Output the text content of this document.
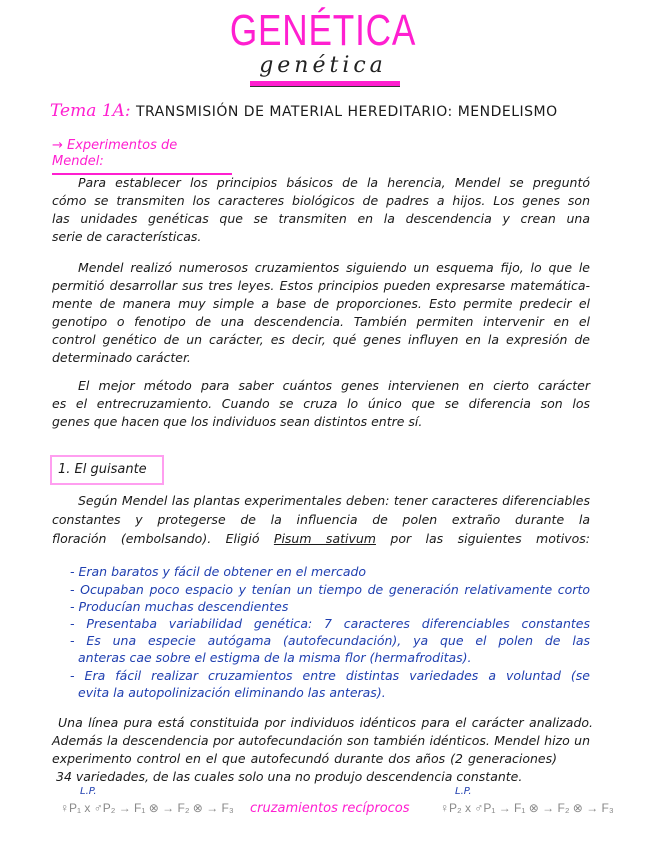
GENÉTICA
genética
Tema 1A: TRANSMISIÓN DE MATERIAL HEREDITARIO: MENDELISMO
→ Experimentos de Mendel:
Para establecer los principios básicos de la herencia, Mendel se preguntó
cómo se transmiten los caracteres biológicos de padres a hijos. Los genes son
las unidades genéticas que se transmiten en la descendencia y crean una
serie de características.
Mendel realizó numerosos cruzamientos siguiendo un esquema fijo, lo que le
permitió desarrollar sus tres leyes. Estos principios pueden expresarse matemática-
mente de manera muy simple a base de proporciones. Esto permite predecir el
genotipo o fenotipo de una descendencia. También permiten intervenir en el
control genético de un carácter, es decir, qué genes influyen en la expresión de
determinado carácter.
El mejor método para saber cuántos genes intervienen en cierto carácter
es el entrecruzamiento. Cuando se cruza lo único que se diferencia son los
genes que hacen que los individuos sean distintos entre sí.
1. El guisante
Según Mendel las plantas experimentales deben: tener caracteres diferenciables
constantes y protegerse de la influencia de polen extraño durante la
floración (embolsando). Eligió Pisum sativum por las siguientes motivos:
- Eran baratos y fácil de obtener en el mercado
- Ocupaban poco espacio y tenían un tiempo de generación relativamente corto
- Producían muchas descendientes
- Presentaba variabilidad genética: 7 caracteres diferenciables constantes
- Es una especie autógama (autofecundación), ya que el polen de las
anteras cae sobre el estigma de la misma flor (hermafroditas).
- Era fácil realizar cruzamientos entre distintas variedades a voluntad (se
evita la autopolinización eliminando las anteras).
Una línea pura está constituida por individuos idénticos para el carácter analizado.
Además la descendencia por autofecundación son también idénticos. Mendel hizo un
experimento control en el que autofecundó durante dos años (2 generaciones)
34 variedades, de las cuales solo una no produjo descendencia constante.
L.P.
♀P₁ x ♂P₂ → F₁ ⊗ → F₂ ⊗ → F₃ cruzamientos recíprocos
L.P.
♀P₂ x ♂P₁ → F₁ ⊗ → F₂ ⊗ → F₃
